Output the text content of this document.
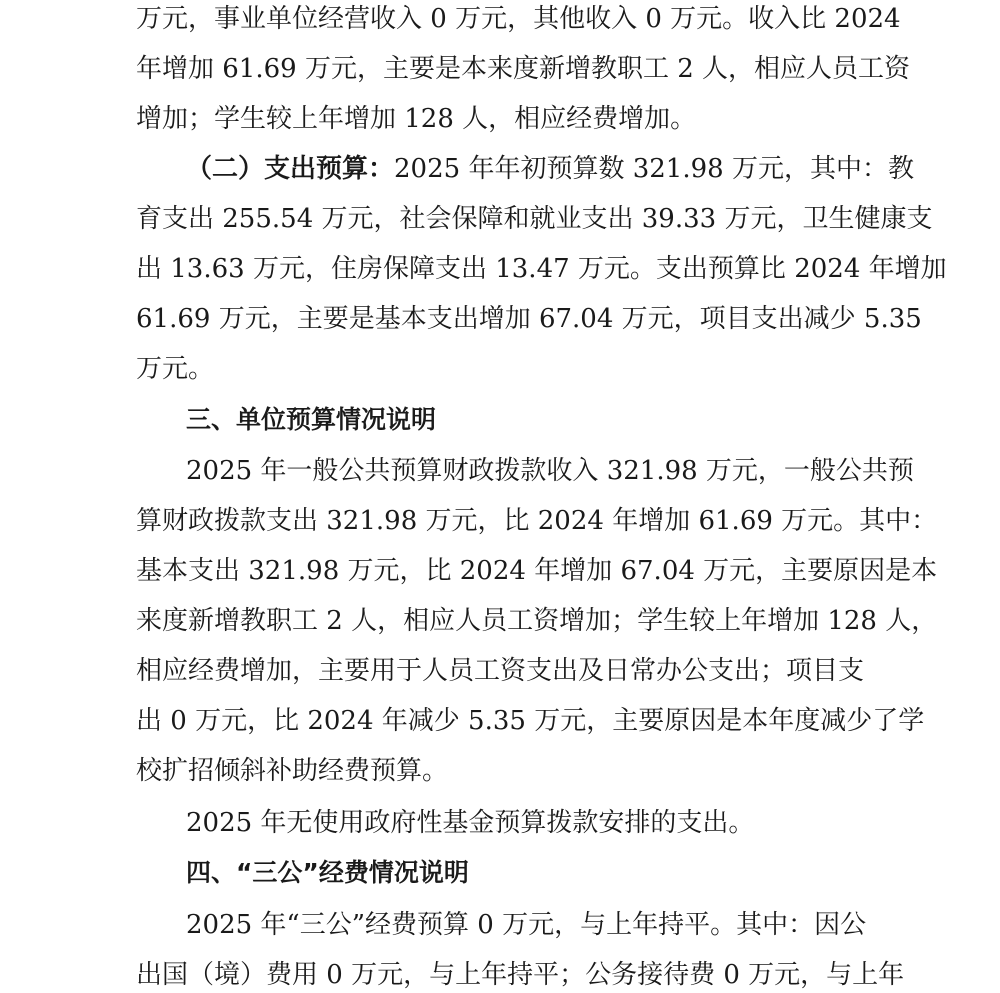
万元，事业单位经营收入 0 万元，其他收入 0 万元。收入比 2024
年增加 61.69 万元，主要是本来度新增教职工 2 人，相应人员工资
增加；学生较上年增加 128 人，相应经费增加。
（二）支出预算：2025 年年初预算数 321.98 万元，其中：教
育支出 255.54 万元，社会保障和就业支出 39.33 万元，卫生健康支
出 13.63 万元，住房保障支出 13.47 万元。支出预算比 2024 年增加
61.69 万元，主要是基本支出增加 67.04 万元，项目支出减少 5.35
万元。
三、单位预算情况说明
2025 年一般公共预算财政拨款收入 321.98 万元，一般公共预
算财政拨款支出 321.98 万元，比 2024 年增加 61.69 万元。其中：
基本支出 321.98 万元，比 2024 年增加 67.04 万元，主要原因是本
来度新增教职工 2 人，相应人员工资增加；学生较上年增加 128 人，
相应经费增加，主要用于人员工资支出及日常办公支出；项目支
出 0 万元，比 2024 年减少 5.35 万元，主要原因是本年度减少了学
校扩招倾斜补助经费预算。
2025 年无使用政府性基金预算拨款安排的支出。
四、“三公”经费情况说明
2025 年“三公”经费预算 0 万元，与上年持平。其中：因公
出国（境）费用 0 万元，与上年持平；公务接待费 0 万元，与上年
